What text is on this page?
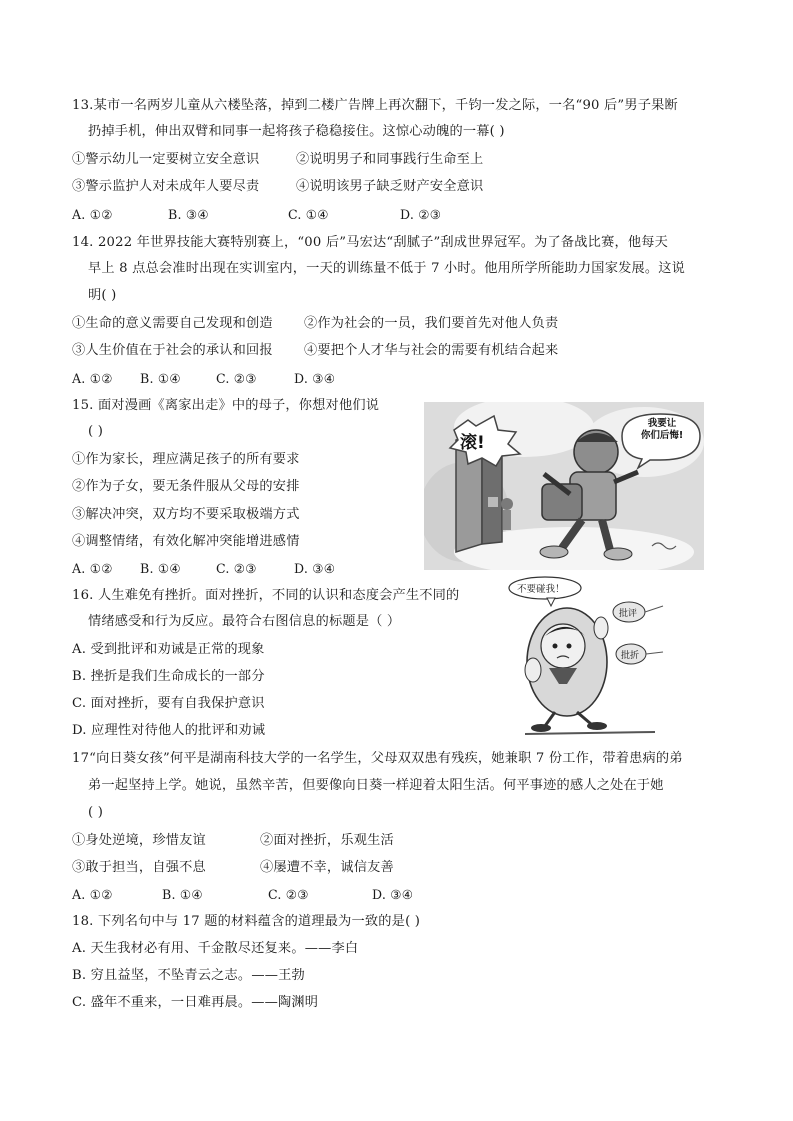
13.某市一名两岁儿童从六楼坠落，掉到二楼广告牌上再次翻下，千钧一发之际，一名“90 后”男子果断
扔掉手机，伸出双臂和同事一起将孩子稳稳接住。这惊心动魄的一幕( )
①警示幼儿一定要树立安全意识	②说明男子和同事践行生命至上
③警示监护人对未成年人要尽责	④说明该男子缺乏财产安全意识
A. ①②	B. ③④	C. ①④	D. ②③
14. 2022 年世界技能大赛特别赛上，“00 后”马宏达“刮腻子”刮成世界冠军。为了备战比赛，他每天
早上 8 点总会准时出现在实训室内，一天的训练量不低于 7 小时。他用所学所能助力国家发展。这说
明( )
①生命的意义需要自己发现和创造 ②作为社会的一员，我们要首先对他人负责
③人生价值在于社会的承认和回报 ④要把个人才华与社会的需要有机结合起来
A. ①② B. ①④	C. ②③	D. ③④
15. 面对漫画《离家出走》中的母子，你想对他们说
( )
①作为家长，理应满足孩子的所有要求
②作为子女，要无条件服从父母的安排
③解决冲突，双方均不要采取极端方式
④调整情绪，有效化解冲突能增进感情
A. ①② B. ①④	C. ②③	D. ③④
滚!
我要让
你们后悔!
16. 人生难免有挫折。面对挫折，不同的认识和态度会产生不同的
情绪感受和行为反应。最符合右图信息的标题是（ ）
A. 受到批评和劝诫是正常的现象
B. 挫折是我们生命成长的一部分
C. 面对挫折，要有自我保护意识
D. 应理性对待他人的批评和劝诫
不要碰我！
批评
批折
17“向日葵女孩”何平是湖南科技大学的一名学生，父母双双患有残疾，她兼职 7 份工作，带着患病的弟
弟一起坚持上学。她说，虽然辛苦，但要像向日葵一样迎着太阳生活。何平事迹的感人之处在于她
( )
①身处逆境，珍惜友谊	②面对挫折，乐观生活
③敢于担当，自强不息	④屡遭不幸，诚信友善
A. ①②	B. ①④	C. ②③	D. ③④
18. 下列名句中与 17 题的材料蕴含的道理最为一致的是( )
A. 天生我材必有用、千金散尽还复来。——李白
B. 穷且益坚，不坠青云之志。——王勃
C. 盛年不重来，一日难再晨。——陶渊明
